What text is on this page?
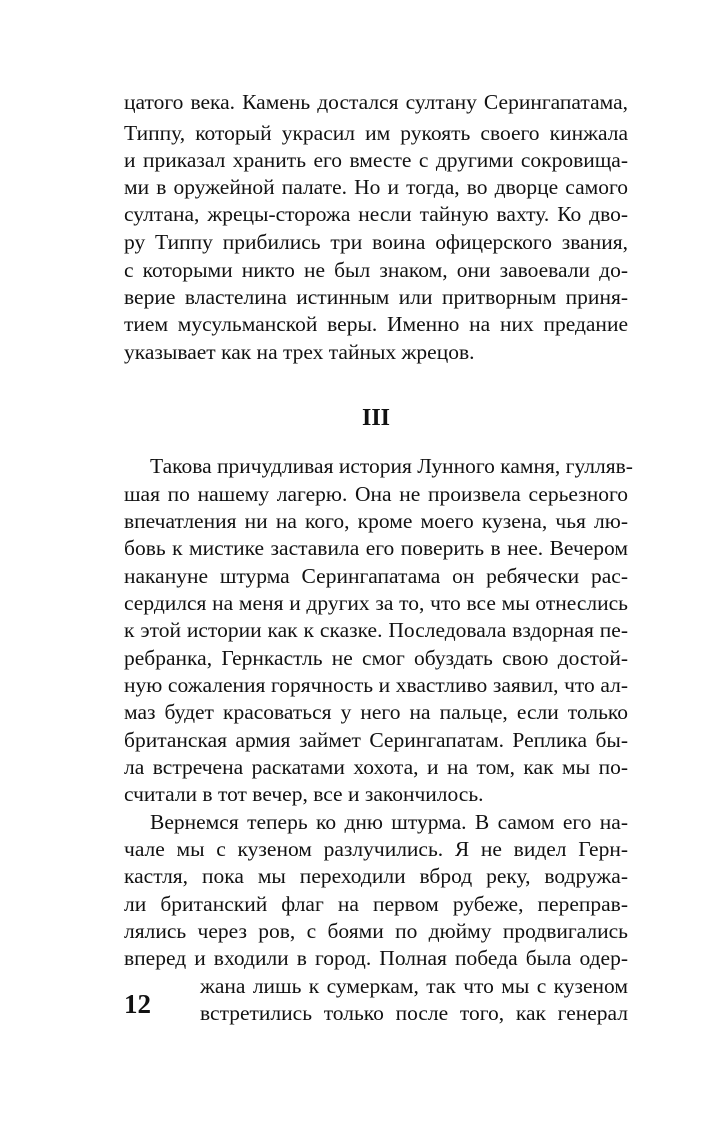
цатого века. Камень достался султану Серингапатама,
Типпу, который украсил им рукоять своего кинжала
и приказал хранить его вместе с другими сокровища-
ми в оружейной палате. Но и тогда, во дворце самого
султана, жрецы-сторожа несли тайную вахту. Ко дво-
ру Типпу прибились три воина офицерского звания,
с которыми никто не был знаком, они завоевали до-
верие властелина истинным или притворным приня-
тием мусульманской веры. Именно на них предание
указывает как на трех тайных жрецов.
III
Такова причудливая история Лунного камня, гулляв-
шая по нашему лагерю. Она не произвела серьезного
впечатления ни на кого, кроме моего кузена, чья лю-
бовь к мистике заставила его поверить в нее. Вечером
накануне штурма Серингапатама он ребячески рас-
сердился на меня и других за то, что все мы отнеслись
к этой истории как к сказке. Последовала вздорная пе-
ребранка, Гернкастль не смог обуздать свою достой-
ную сожаления горячность и хвастливо заявил, что ал-
маз будет красоваться у него на пальце, если только
британская армия займет Серингапатам. Реплика бы-
ла встречена раскатами хохота, и на том, как мы по-
считали в тот вечер, все и закончилось.
Вернемся теперь ко дню штурма. В самом его на-
чале мы с кузеном разлучились. Я не видел Герн-
кастля, пока мы переходили вброд реку, водружа-
ли британский флаг на первом рубеже, переправ-
лялись через ров, с боями по дюйму продвигались
вперед и входили в город. Полная победа была одер-
жана лишь к сумеркам, так что мы с кузеном
встретились только после того, как генерал
12
